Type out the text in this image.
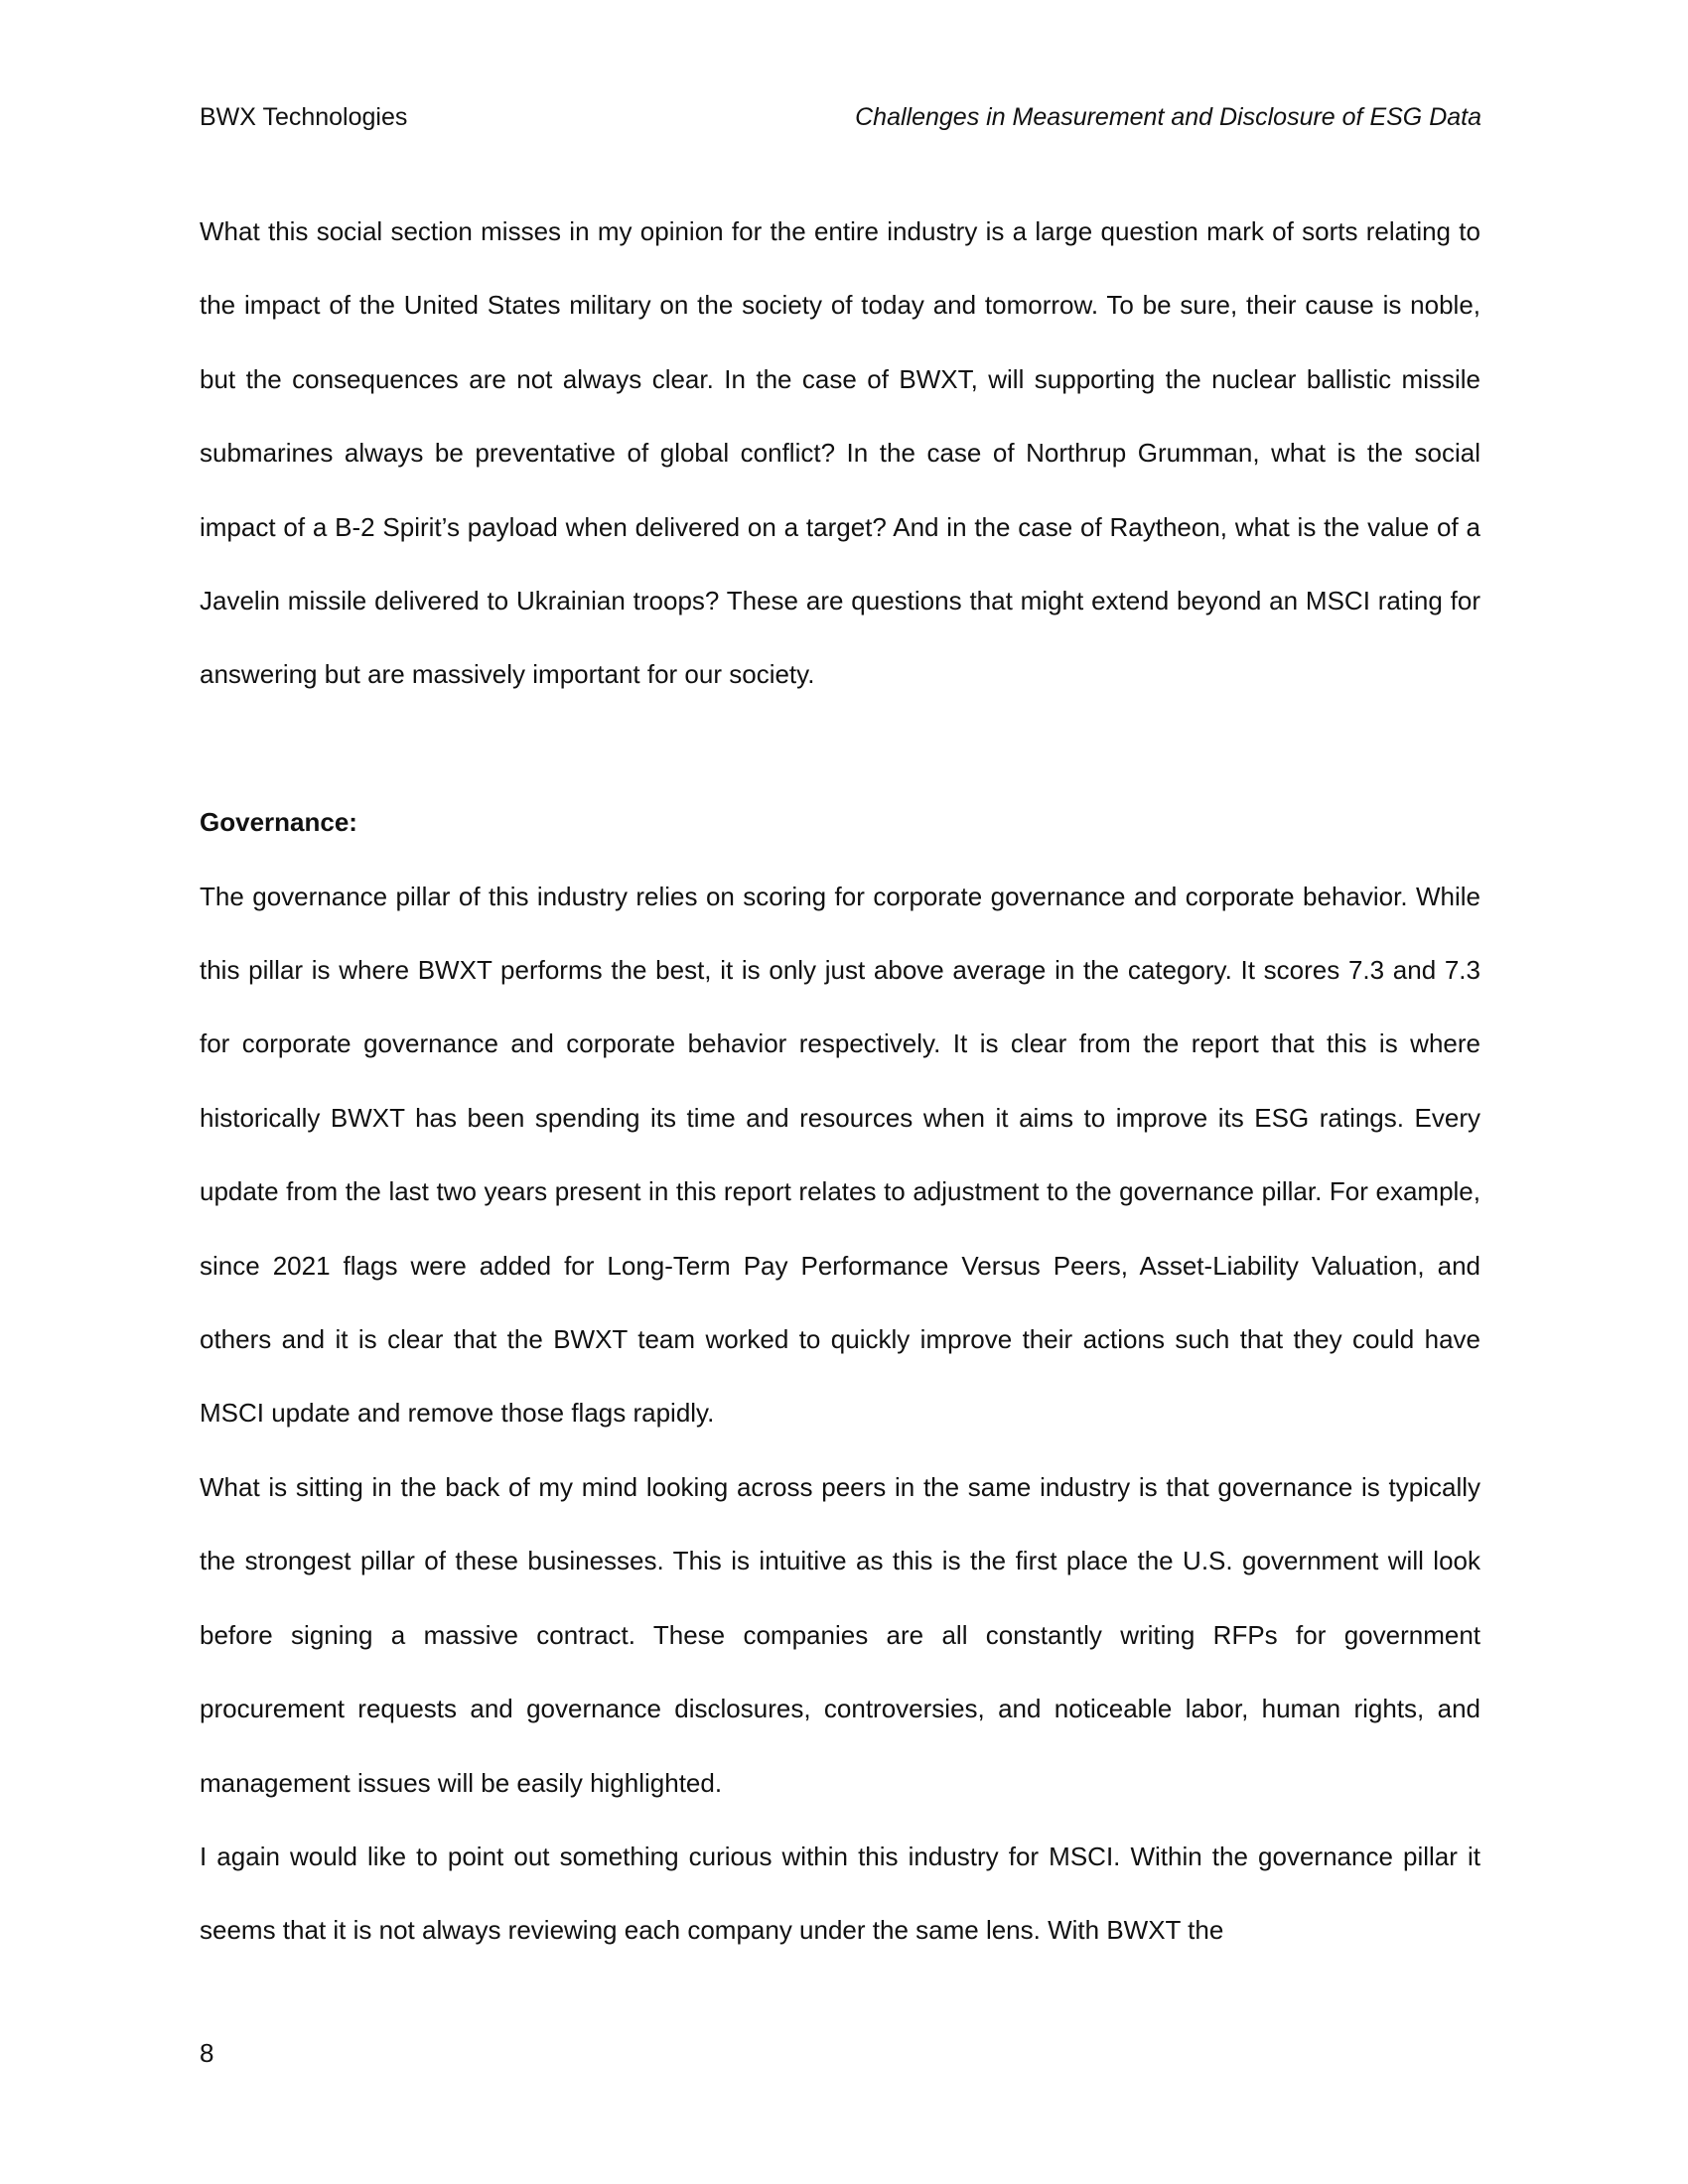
BWX Technologies	Challenges in Measurement and Disclosure of ESG Data

What this social section misses in my opinion for the entire industry is a large question mark of sorts relating to the impact of the United States military on the society of today and tomorrow. To be sure, their cause is noble, but the consequences are not always clear. In the case of BWXT, will supporting the nuclear ballistic missile submarines always be preventative of global conflict? In the case of Northrup Grumman, what is the social impact of a B-2 Spirit’s payload when delivered on a target? And in the case of Raytheon, what is the value of a Javelin missile delivered to Ukrainian troops? These are questions that might extend beyond an MSCI rating for answering but are massively important for our society.

Governance:

The governance pillar of this industry relies on scoring for corporate governance and corporate behavior. While this pillar is where BWXT performs the best, it is only just above average in the category. It scores 7.3 and 7.3 for corporate governance and corporate behavior respectively. It is clear from the report that this is where historically BWXT has been spending its time and resources when it aims to improve its ESG ratings. Every update from the last two years present in this report relates to adjustment to the governance pillar. For example, since 2021 flags were added for Long-Term Pay Performance Versus Peers, Asset-Liability Valuation, and others and it is clear that the BWXT team worked to quickly improve their actions such that they could have MSCI update and remove those flags rapidly.

What is sitting in the back of my mind looking across peers in the same industry is that governance is typically the strongest pillar of these businesses. This is intuitive as this is the first place the U.S. government will look before signing a massive contract. These companies are all constantly writing RFPs for government procurement requests and governance disclosures, controversies, and noticeable labor, human rights, and management issues will be easily highlighted.

I again would like to point out something curious within this industry for MSCI. Within the governance pillar it seems that it is not always reviewing each company under the same lens. With BWXT the

8
